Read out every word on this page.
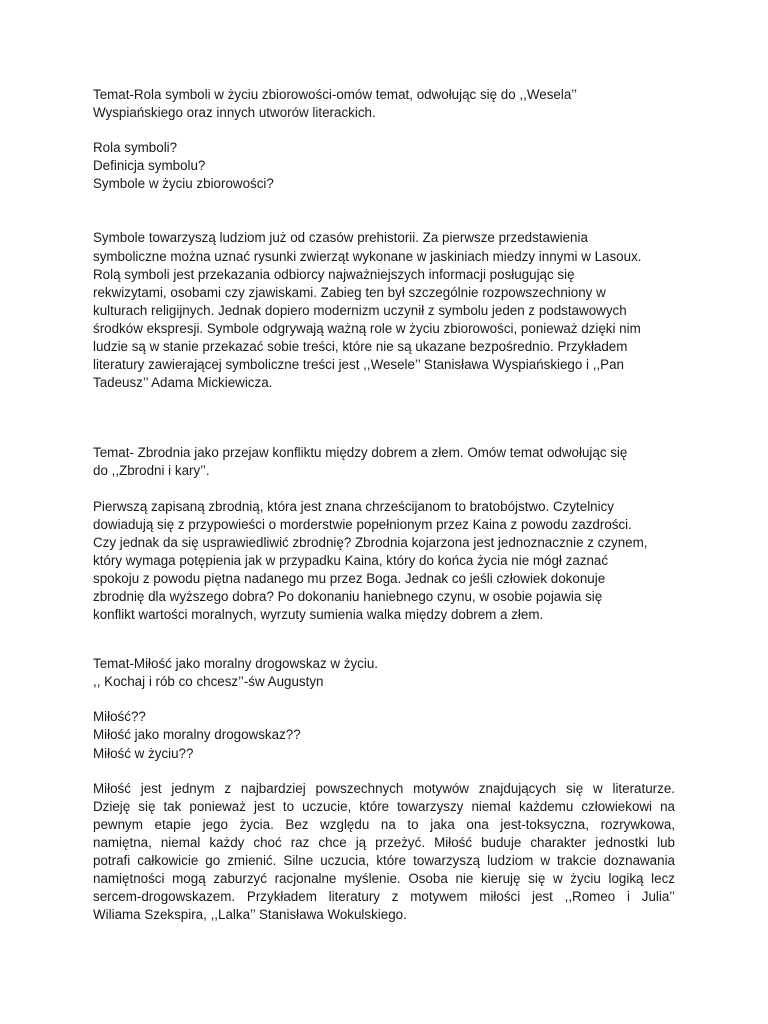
Temat-Rola symboli w życiu zbiorowości-omów temat, odwołując się do ,,Wesela’’
Wyspiańskiego oraz innych utworów literackich.
Rola symboli?
Definicja symbolu?
Symbole w życiu zbiorowości?
Symbole towarzyszą ludziom już od czasów prehistorii. Za pierwsze przedstawienia
symboliczne można uznać rysunki zwierząt wykonane w jaskiniach miedzy innymi w Lasoux.
Rolą symboli jest przekazania odbiorcy najważniejszych informacji posługując się
rekwizytami, osobami czy zjawiskami. Zabieg ten był szczególnie rozpowszechniony w
kulturach religijnych. Jednak dopiero modernizm uczynił z symbolu jeden z podstawowych
środków ekspresji. Symbole odgrywają ważną role w życiu zbiorowości, ponieważ dzięki nim
ludzie są w stanie przekazać sobie treści, które nie są ukazane bezpośrednio. Przykładem
literatury zawierającej symboliczne treści jest ,,Wesele’’ Stanisława Wyspiańskiego i ,,Pan
Tadeusz’’ Adama Mickiewicza.
Temat- Zbrodnia jako przejaw konfliktu między dobrem a złem. Omów temat odwołując się
do ,,Zbrodni i kary’’.
Pierwszą zapisaną zbrodnią, która jest znana chrześcijanom to bratobójstwo. Czytelnicy
dowiadują się z przypowieści o morderstwie popełnionym przez Kaina z powodu zazdrości.
Czy jednak da się usprawiedliwić zbrodnię? Zbrodnia kojarzona jest jednoznacznie z czynem,
który wymaga potępienia jak w przypadku Kaina, który do końca życia nie mógł zaznać
spokoju z powodu piętna nadanego mu przez Boga. Jednak co jeśli człowiek dokonuje
zbrodnię dla wyższego dobra? Po dokonaniu haniebnego czynu, w osobie pojawia się
konflikt wartości moralnych, wyrzuty sumienia walka między dobrem a złem.
Temat-Miłość jako moralny drogowskaz w życiu.
,, Kochaj i rób co chcesz’’-św Augustyn
Miłość??
Miłość jako moralny drogowskaz??
Miłość w życiu??
Miłość jest jednym z najbardziej powszechnych motywów znajdujących się w literaturze.
Dzieję się tak ponieważ jest to uczucie, które towarzyszy niemal każdemu człowiekowi na
pewnym etapie jego życia. Bez względu na to jaka ona jest-toksyczna, rozrywkowa,
namiętna, niemal każdy choć raz chce ją przeżyć. Miłość buduje charakter jednostki lub
potrafi całkowicie go zmienić. Silne uczucia, które towarzyszą ludziom w trakcie doznawania
namiętności mogą zaburzyć racjonalne myślenie. Osoba nie kieruję się w życiu logiką lecz
sercem-drogowskazem. Przykładem literatury z motywem miłości jest ,,Romeo i Julia’’
Wiliama Szekspira, ,,Lalka’’ Stanisława Wokulskiego.
